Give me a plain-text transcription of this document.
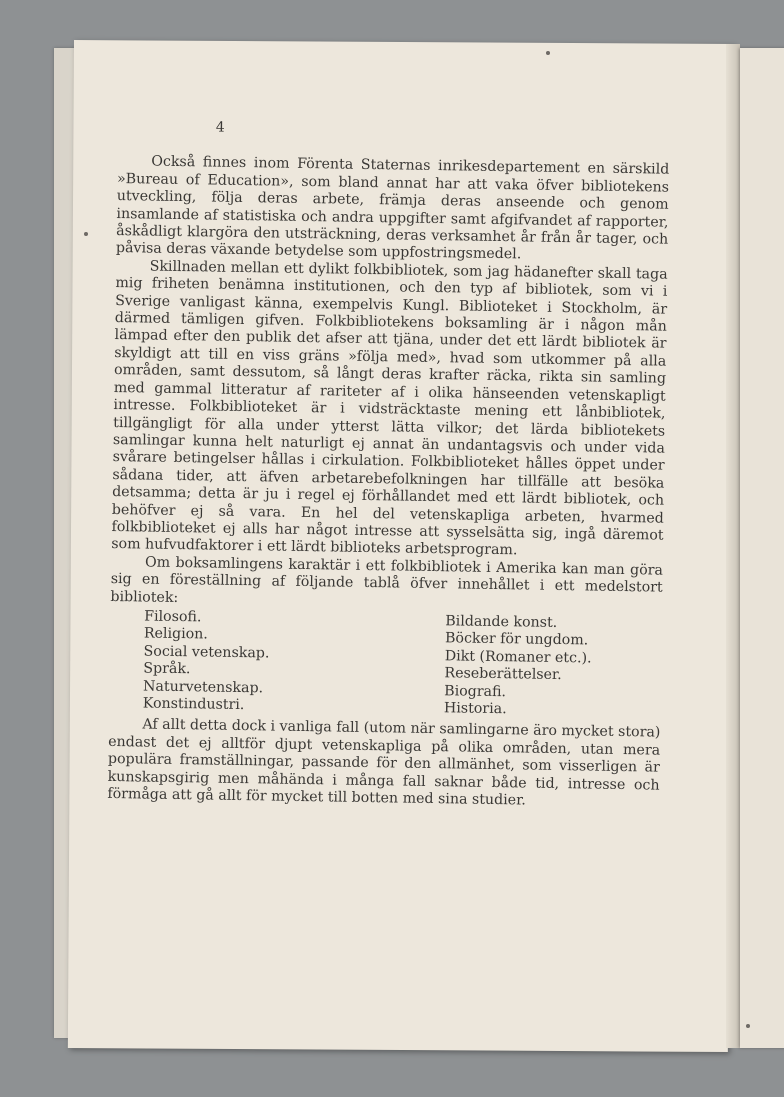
4

Också finnes inom Förenta Staternas inrikesdepartement en särskild »Bureau of Education», som bland annat har att vaka öfver bibliotekens utveckling, följa deras arbete, främja deras anseende och genom insamlande af statistiska och andra uppgifter samt afgifvandet af rapporter, åskådligt klargöra den utsträckning, deras verksamhet år från år tager, och påvisa deras växande betydelse som uppfostringsmedel.

Skillnaden mellan ett dylikt folkbibliotek, som jag hädanefter skall taga mig friheten benämna institutionen, och den typ af bibliotek, som vi i Sverige vanligast känna, exempelvis Kungl. Biblioteket i Stockholm, är därmed tämligen gifven. Folkbibliotekens boksamling är i någon mån lämpad efter den publik det afser att tjäna, under det ett lärdt bibliotek är skyldigt att till en viss gräns »följa med», hvad som utkommer på alla områden, samt dessutom, så långt deras krafter räcka, rikta sin samling med gammal litteratur af rariteter af i olika hänseenden vetenskapligt intresse. Folkbiblioteket är i vidsträcktaste mening ett lånbibliotek, tillgängligt för alla under ytterst lätta vilkor; det lärda bibliotekets samlingar kunna helt naturligt ej annat än undantagsvis och under vida svårare betingelser hållas i cirkulation. Folkbiblioteket hålles öppet under sådana tider, att äfven arbetarebefolkningen har tillfälle att besöka detsamma; detta är ju i regel ej förhållandet med ett lärdt bibliotek, och behöfver ej så vara. En hel del vetenskapliga arbeten, hvarmed folkbiblioteket ej alls har något intresse att sysselsätta sig, ingå däremot som hufvudfaktorer i ett lärdt biblioteks arbetsprogram.

Om boksamlingens karaktär i ett folkbibliotek i Amerika kan man göra sig en föreställning af följande tablå öfver innehållet i ett medelstort bibliotek:

Filosofi.
Religion.
Social vetenskap.
Språk.
Naturvetenskap.
Konstindustri.
Bildande konst.
Böcker för ungdom.
Dikt (Romaner etc.).
Reseberättelser.
Biografi.
Historia.

Af allt detta dock i vanliga fall (utom när samlingarne äro mycket stora) endast det ej alltför djupt vetenskapliga på olika områden, utan mera populära framställningar, passande för den allmänhet, som visserligen är kunskapsgirig men måhända i många fall saknar både tid, intresse och förmåga att gå allt för mycket till botten med sina studier.
